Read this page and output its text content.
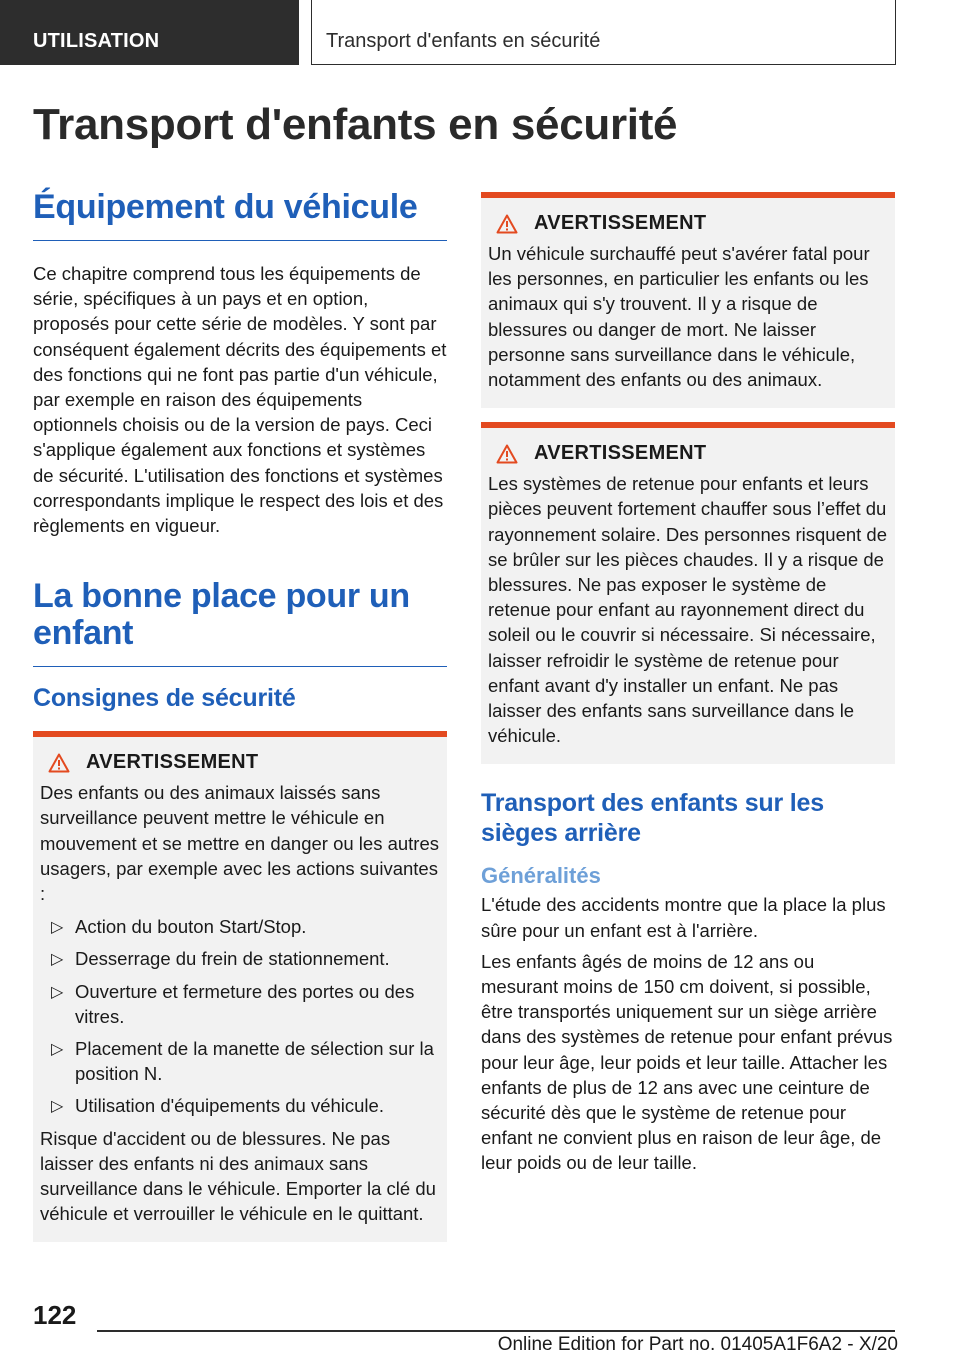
UTILISATION	Transport d'enfants en sécurité
Transport d'enfants en sécurité
Équipement du véhicule

Ce chapitre comprend tous les équipements de série, spécifiques à un pays et en option, proposés pour cette série de modèles. Y sont par conséquent également décrits des équipements et des fonctions qui ne font pas partie d'un véhicule, par exemple en raison des équipements optionnels choisis ou de la version de pays. Ceci s'applique également aux fonctions et systèmes de sécurité. L'utilisation des fonctions et systèmes correspondants implique le respect des lois et des règlements en vigueur.

La bonne place pour un enfant
Consignes de sécurité
AVERTISSEMENT

Des enfants ou des animaux laissés sans surveillance peuvent mettre le véhicule en mouvement et se mettre en danger ou les autres usagers, par exemple avec les actions suivantes :

▷ Action du bouton Start/Stop.
▷ Desserrage du frein de stationnement.
▷ Ouverture et fermeture des portes ou des vitres.
▷ Placement de la manette de sélection sur la position N.
▷ Utilisation d'équipements du véhicule.

Risque d'accident ou de blessures. Ne pas laisser des enfants ni des animaux sans surveillance dans le véhicule. Emporter la clé du véhicule et verrouiller le véhicule en le quittant.

AVERTISSEMENT

Un véhicule surchauffé peut s'avérer fatal pour les personnes, en particulier les enfants ou les animaux qui s'y trouvent. Il y a risque de blessures ou danger de mort. Ne laisser personne sans surveillance dans le véhicule, notamment des enfants ou des animaux.

AVERTISSEMENT

Les systèmes de retenue pour enfants et leurs pièces peuvent fortement chauffer sous l’effet du rayonnement solaire. Des personnes risquent de se brûler sur les pièces chaudes. Il y a risque de blessures. Ne pas exposer le système de retenue pour enfant au rayonnement direct du soleil ou le couvrir si nécessaire. Si nécessaire, laisser refroidir le système de retenue pour enfant avant d'y installer un enfant. Ne pas laisser des enfants sans surveillance dans le véhicule.

Transport des enfants sur les sièges arrière
Généralités

L'étude des accidents montre que la place la plus sûre pour un enfant est à l'arrière.

Les enfants âgés de moins de 12 ans ou mesurant moins de 150 cm doivent, si possible, être transportés uniquement sur un siège arrière dans des systèmes de retenue pour enfant prévus pour leur âge, leur poids et leur taille. Attacher les enfants de plus de 12 ans avec une ceinture de sécurité dès que le système de retenue pour enfant ne convient plus en raison de leur âge, de leur poids ou de leur taille.

122
Online Edition for Part no. 01405A1F6A2 - X/20
